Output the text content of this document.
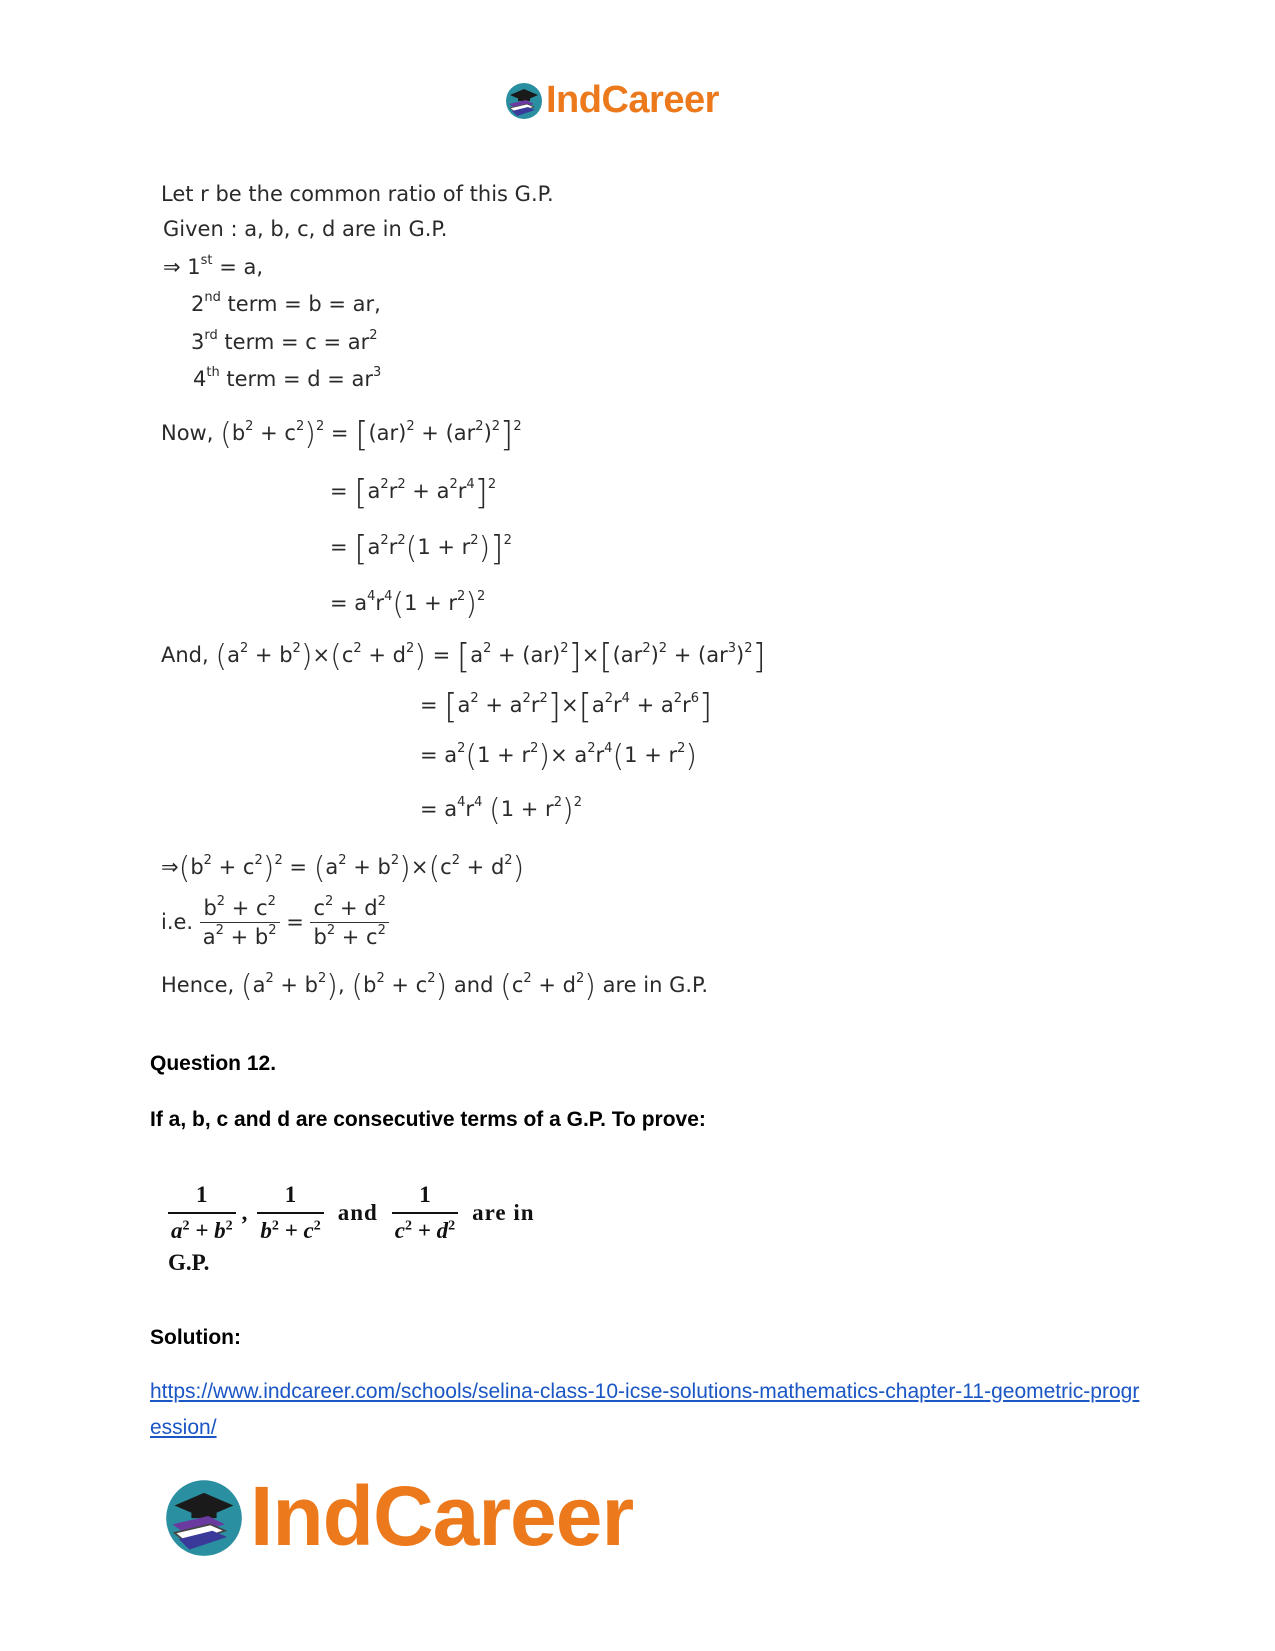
IndCareer
Let r be the common ratio of this G.P.
Given : a, b, c, d are in G.P.
⇒ 1st = a,
2nd term = b = ar,
3rd term = $c = ar^2$
4th term = $d = ar^3$
Now, $(b^2 + c^2)^2 = [(ar)^2 + (ar^2)^2]^2$
= $[a^2r^2 + a^2r^4]^2$
= $[a^2r^2(1 + r^2)]^2$
= $a^4r^4(1 + r^2)^2$
And, $(a^2 + b^2)\times(c^2 + d^2) = [a^2 + (ar)^2]\times[(ar^2)^2 + (ar^3)^2]$
= $[a^2 + a^2r^2]\times[a^2r^4 + a^2r^6]$
= $a^2(1 + r^2)\times a^2r^4(1 + r^2)$
= $a^4r^4$ $(1 + r^2)^2$
$\Rightarrow(b^2 + c^2)^2 = (a^2 + b^2)\times(c^2 + d^2)$
i.e. $\frac{b^2 + c^2}{a^2 + b^2} = \frac{c^2 + d^2}{b^2 + c^2}$
Hence, $(a^2 + b^2)$, $(b^2 + c^2)$ and $(c^2 + d^2)$ are in G.P.
Question 12.
If a, b, c and d are consecutive terms of a G.P. To prove:
$\frac{1}{a^2 + b^2}$ , $\frac{1}{b^2 + c^2}$ and $\frac{1}{c^2 + d^2}$ are in
G.P.
Solution:
https://www.indcareer.com/schools/selina-class-10-icse-solutions-mathematics-chapter-11-geometric-progression/
IndCareer
